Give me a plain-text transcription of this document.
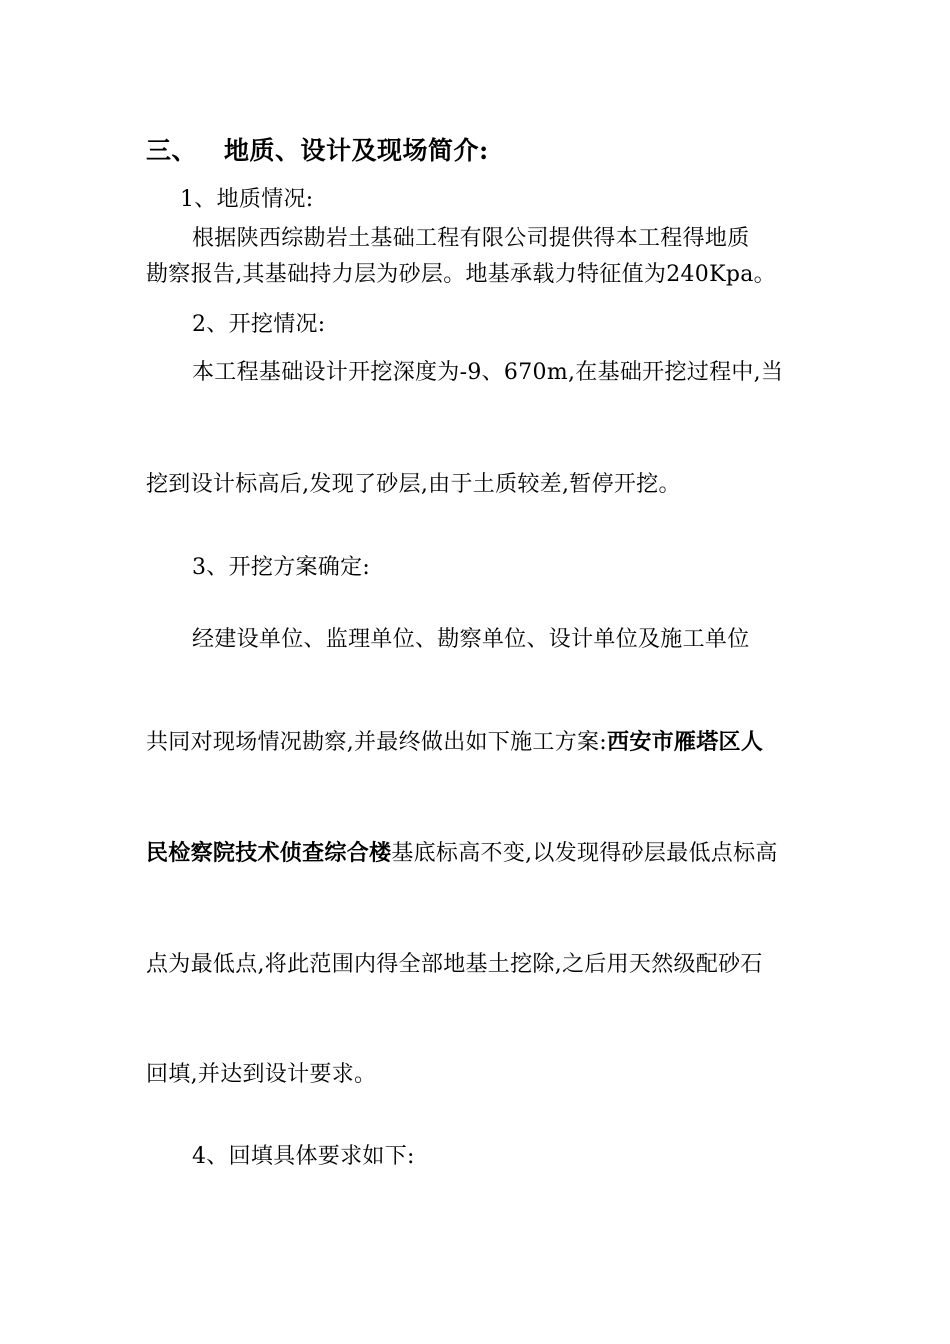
三、 地质、设计及现场简介:
1、地质情况:
根据陕西综勘岩土基础工程有限公司提供得本工程得地质
勘察报告,其基础持力层为砂层。地基承载力特征值为240Kpa。
2、开挖情况:
本工程基础设计开挖深度为-9、670m,在基础开挖过程中,当
挖到设计标高后,发现了砂层,由于土质较差,暂停开挖。
3、开挖方案确定:
经建设单位、监理单位、勘察单位、设计单位及施工单位
共同对现场情况勘察,并最终做出如下施工方案:西安市雁塔区人
民检察院技术侦查综合楼基底标高不变,以发现得砂层最低点标高
点为最低点,将此范围内得全部地基土挖除,之后用天然级配砂石
回填,并达到设计要求。
4、回填具体要求如下:
